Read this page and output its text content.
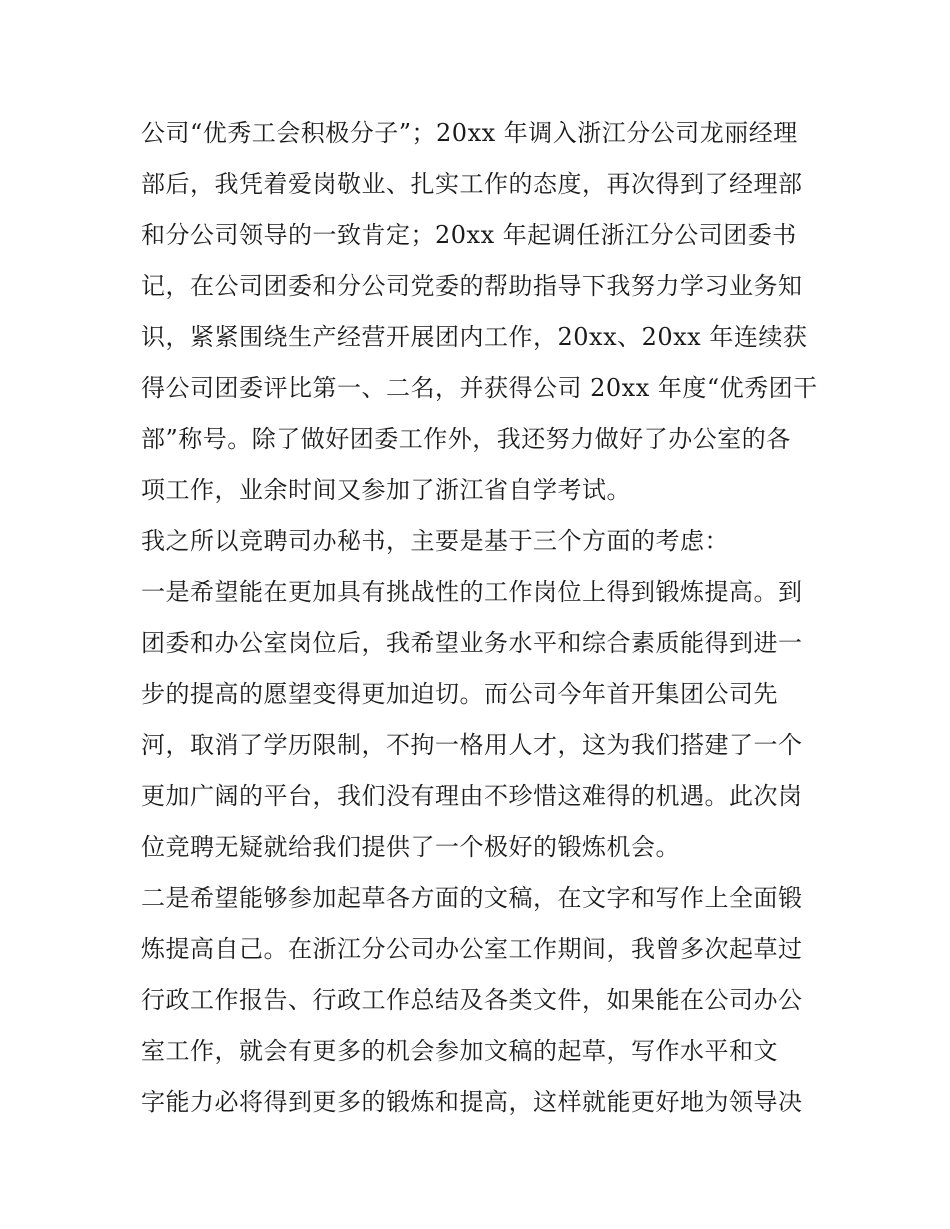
公司“优秀工会积极分子”；20xx 年调入浙江分公司龙丽经理
部后，我凭着爱岗敬业、扎实工作的态度，再次得到了经理部
和分公司领导的一致肯定；20xx 年起调任浙江分公司团委书
记，在公司团委和分公司党委的帮助指导下我努力学习业务知
识，紧紧围绕生产经营开展团内工作，20xx、20xx 年连续获
得公司团委评比第一、二名，并获得公司 20xx 年度“优秀团干
部”称号。除了做好团委工作外，我还努力做好了办公室的各
项工作，业余时间又参加了浙江省自学考试。
我之所以竞聘司办秘书，主要是基于三个方面的考虑：
一是希望能在更加具有挑战性的工作岗位上得到锻炼提高。到
团委和办公室岗位后，我希望业务水平和综合素质能得到进一
步的提高的愿望变得更加迫切。而公司今年首开集团公司先
河，取消了学历限制，不拘一格用人才，这为我们搭建了一个
更加广阔的平台，我们没有理由不珍惜这难得的机遇。此次岗
位竞聘无疑就给我们提供了一个极好的锻炼机会。
二是希望能够参加起草各方面的文稿，在文字和写作上全面锻
炼提高自己。在浙江分公司办公室工作期间，我曾多次起草过
行政工作报告、行政工作总结及各类文件，如果能在公司办公
室工作，就会有更多的机会参加文稿的起草，写作水平和文
字能力必将得到更多的锻炼和提高，这样就能更好地为领导决
